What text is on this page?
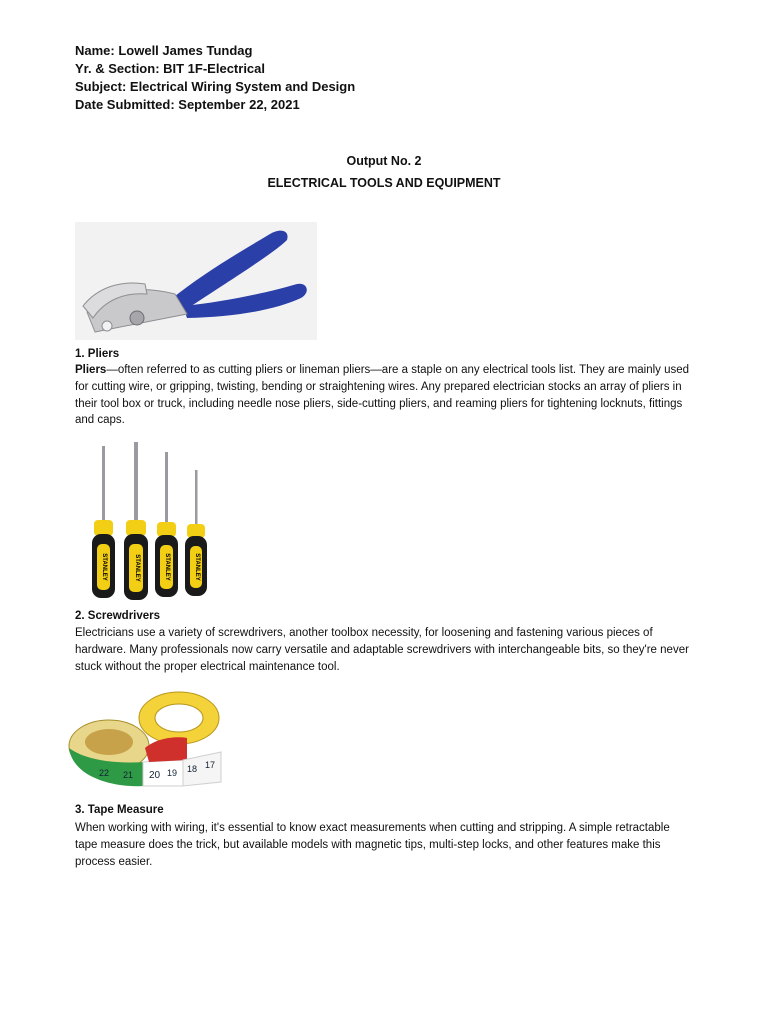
Name: Lowell James Tundag
Yr. & Section: BIT 1F-Electrical
Subject: Electrical Wiring System and Design
Date Submitted: September 22, 2021
Output No. 2
ELECTRICAL TOOLS AND EQUIPMENT
1. Pliers
Pliers—often referred to as cutting pliers or lineman pliers—are a staple on any electrical tools list. They are mainly used for cutting wire, or gripping, twisting, bending or straightening wires. Any prepared electrician stocks an array of pliers in their tool box or truck, including needle nose pliers, side-cutting pliers, and reaming pliers for tightening locknuts, fittings and caps.
STANLEY	STANLEY	STANLEY	STANLEY
2. Screwdrivers
Electricians use a variety of screwdrivers, another toolbox necessity, for loosening and fastening various pieces of hardware. Many professionals now carry versatile and adaptable screwdrivers with interchangeable bits, so they're never stuck without the proper electrical maintenance tool.
22 21 20 19 18 17
3. Tape Measure
When working with wiring, it's essential to know exact measurements when cutting and stripping. A simple retractable tape measure does the trick, but available models with magnetic tips, multi-step locks, and other features make this process easier.
